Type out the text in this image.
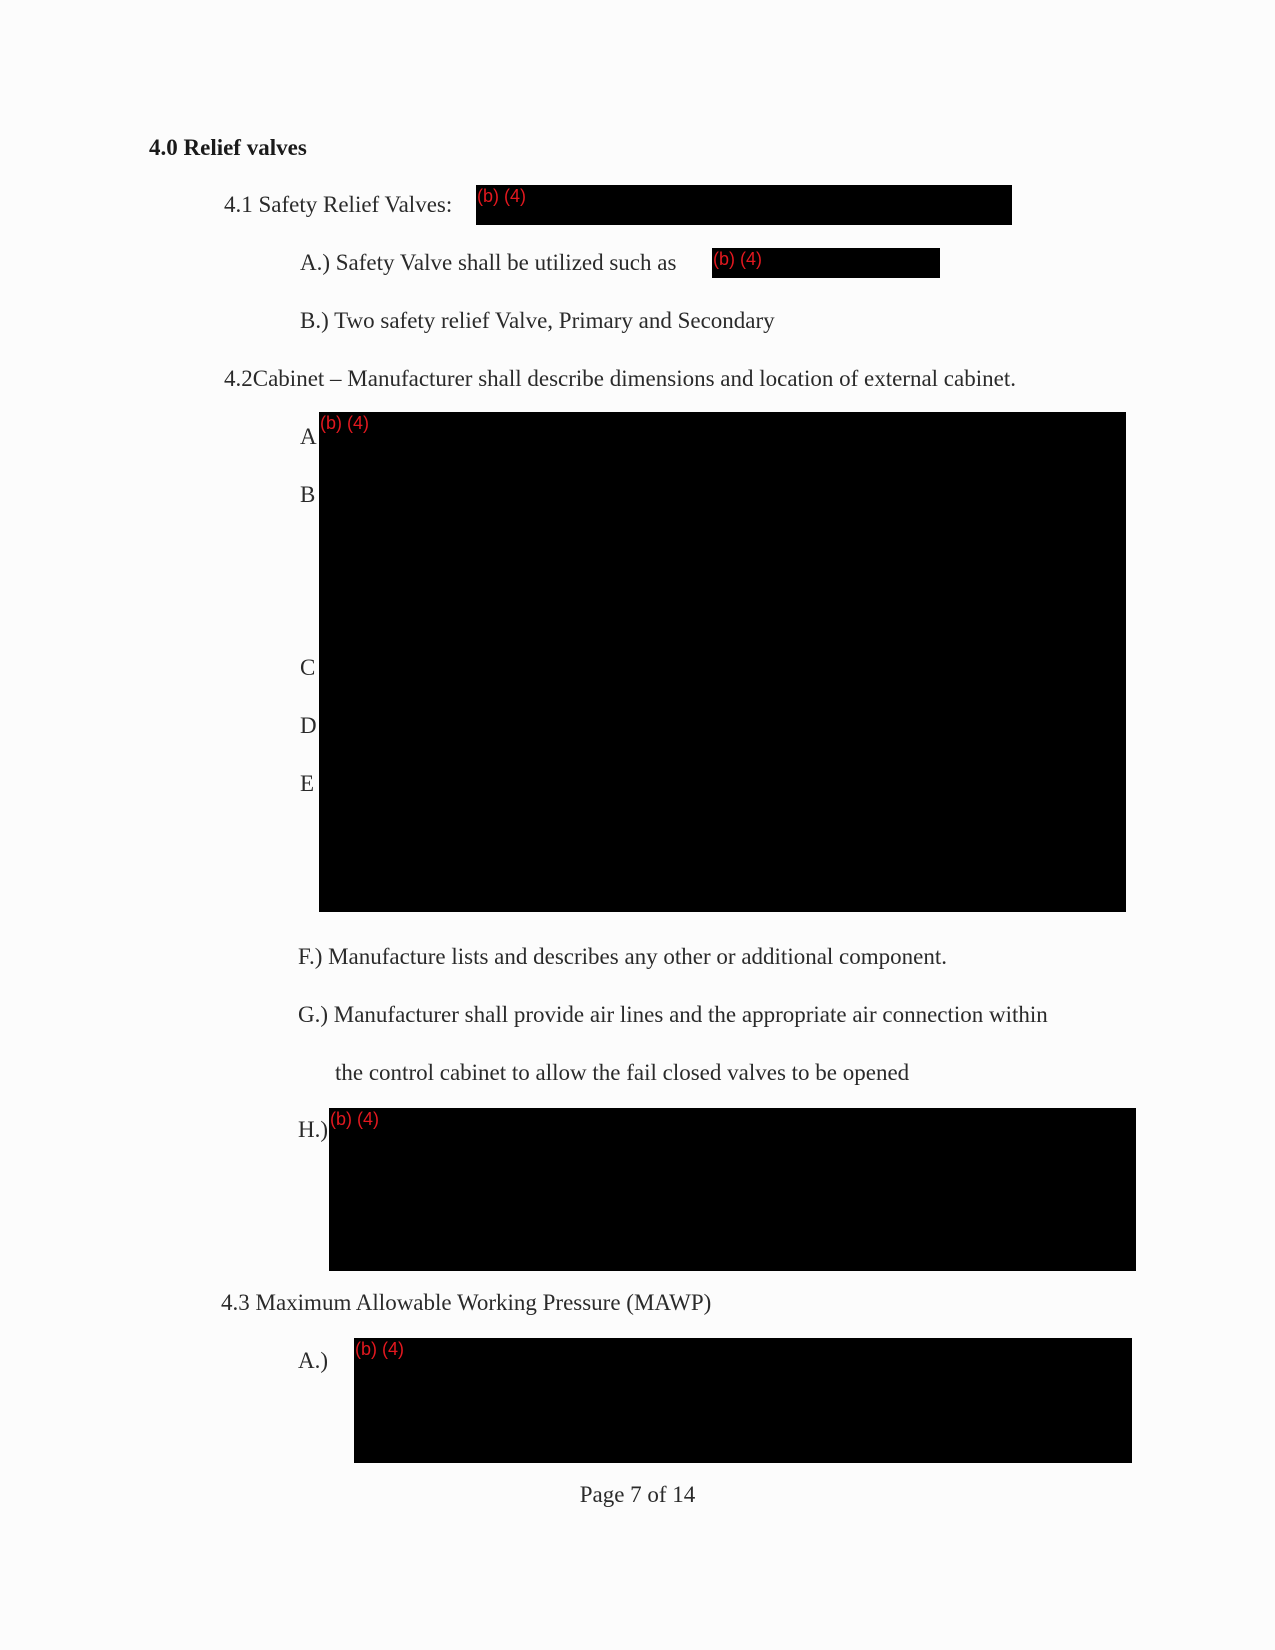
4.0 Relief valves
4.1 Safety Relief Valves: (b) (4)
A.) Safety Valve shall be utilized such as (b) (4)
B.) Two safety relief Valve, Primary and Secondary
4.2Cabinet – Manufacturer shall describe dimensions and location of external cabinet.
A
B
C
D
E
(b) (4)
F.) Manufacture lists and describes any other or additional component.
G.) Manufacturer shall provide air lines and the appropriate air connection within
the control cabinet to allow the fail closed valves to be opened
H.) (b) (4)
4.3 Maximum Allowable Working Pressure (MAWP)
A.) (b) (4)
Page 7 of 14
